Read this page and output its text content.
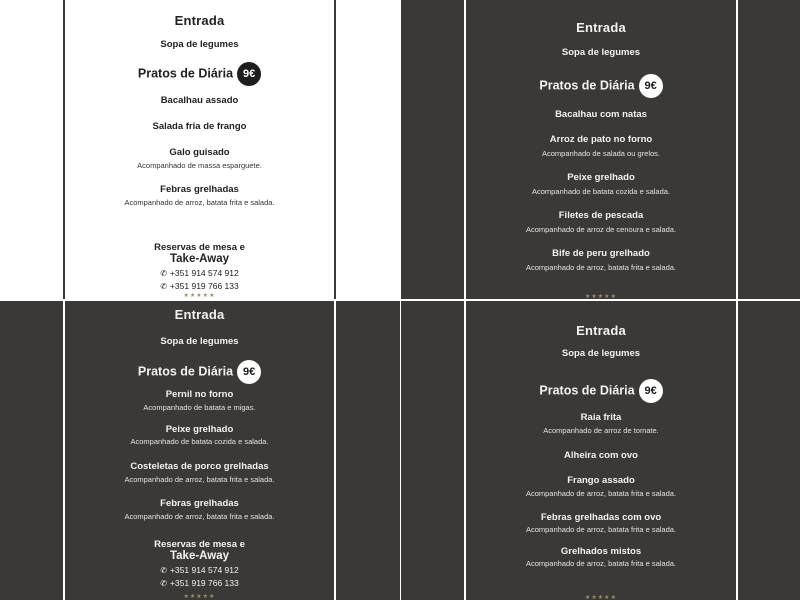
Entrada
Sopa de legumes
Pratos de Diária 9€
Bacalhau assado
Salada fria de frango
Galo guisado
Acompanhado de massa esparguete.
Febras grelhadas
Acompanhado de arroz, batata frita e salada.
Reservas de mesa e
Take-Away
✆ +351 914 574 912
✆ +351 919 766 133
★★★★★
Entrada
Sopa de legumes
Pratos de Diária 9€
Bacalhau com natas
Arroz de pato no forno
Acompanhado de salada ou grelos.
Peixe grelhado
Acompanhado de batata cozida e salada.
Filetes de pescada
Acompanhado de arroz de cenoura e salada.
Bife de peru grelhado
Acompanhado de arroz, batata frita e salada.
★★★★★
Entrada
Sopa de legumes
Pratos de Diária 9€
Pernil no forno
Acompanhado de batata e migas.
Peixe grelhado
Acompanhado de batata cozida e salada.
Costeletas de porco grelhadas
Acompanhado de arroz, batata frita e salada.
Febras grelhadas
Acompanhado de arroz, batata frita e salada.
Reservas de mesa e
Take-Away
✆ +351 914 574 912
✆ +351 919 766 133
★★★★★
Entrada
Sopa de legumes
Pratos de Diária 9€
Raia frita
Acompanhado de arroz de tomate.
Alheira com ovo
Frango assado
Acompanhado de arroz, batata frita e salada.
Febras grelhadas com ovo
Acompanhado de arroz, batata frita e salada.
Grelhados mistos
Acompanhado de arroz, batata frita e salada.
★★★★★
